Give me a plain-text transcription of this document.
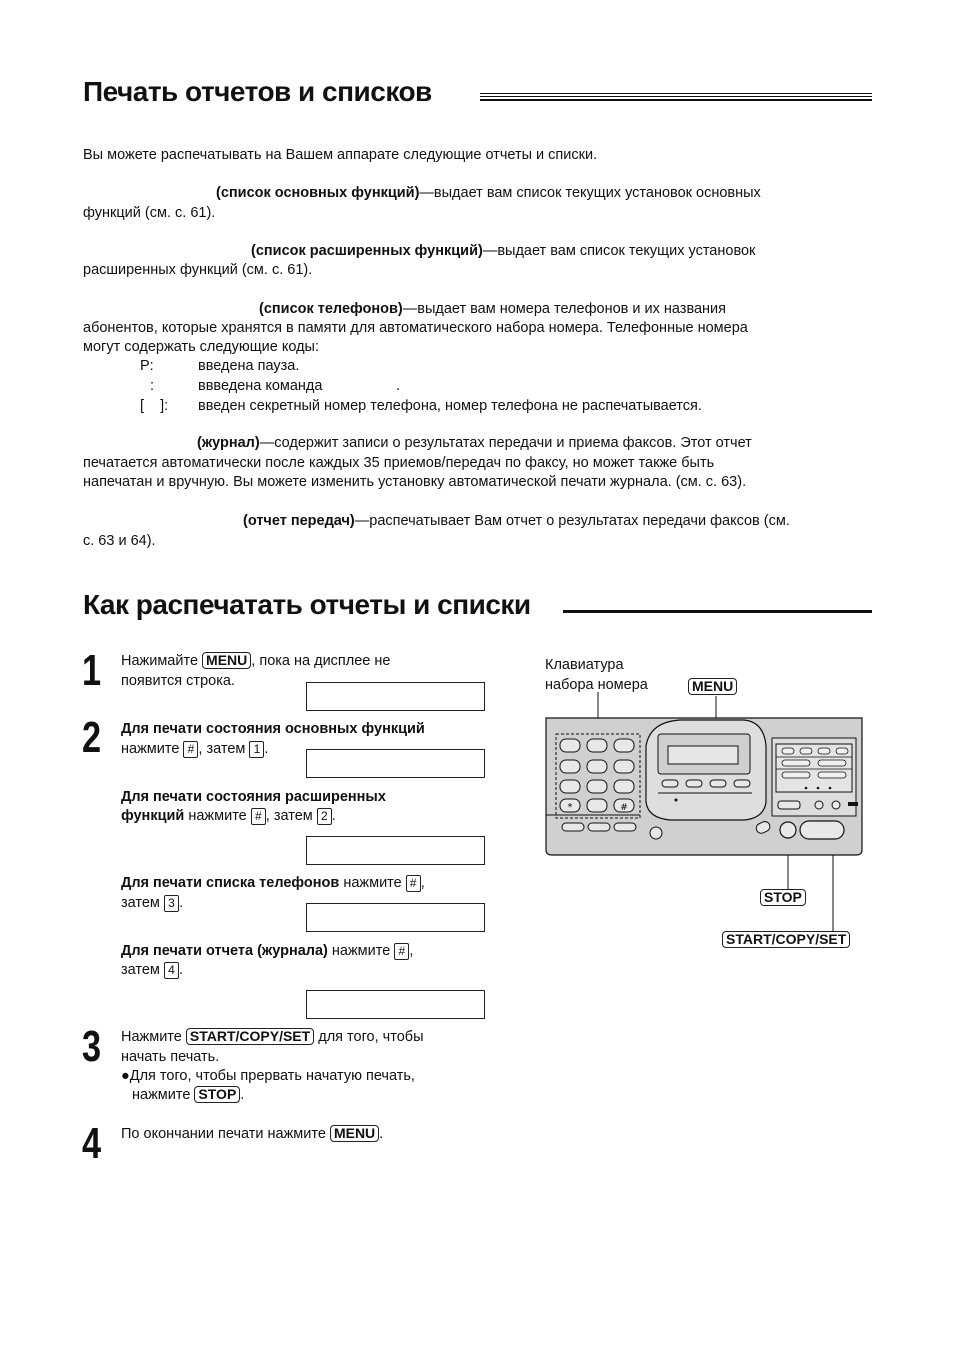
Печать отчетов и списков
Вы можете распечатывать на Вашем аппарате следующие отчеты и списки.
(список основных функций)—выдает вам список текущих установок основных
функций (см. с. 61).
(список расширенных функций)—выдает вам список текущих установок
расширенных функций (см. с. 61).
(список телефонов)—выдает вам номера телефонов и их названия
абонентов, которые хранятся в памяти для автоматического набора номера. Телефонные номера
могут содержать следующие коды:
P:	введена пауза.
:	ввведена команда	.
[    ]: введен секретный номер телефона, номер телефона не распечатывается.
(журнал)—содержит записи о результатах передачи и приема факсов. Этот отчет
печатается автоматически после каждых 35 приемов/передач по факсу, но может также быть
напечатан и вручную. Вы можете изменить установку автоматической печати журнала. (см. с. 63).
(отчет передач)—распечатывает Вам отчет о результатах передачи факсов (см.
с. 63 и 64).
Как распечатать отчеты и списки
1 Нажимайте MENU , пока на дисплее не
появится строка.
2 Для печати состояния основных функций
нажмите # , затем 1 .
Для печати состояния расширенных
функций нажмите # , затем 2 .
Для печати списка телефонов нажмите # ,
затем 3 .
Для печати отчета (журнала) нажмите # ,
затем 4 .
3 Нажмите START/COPY/SET для того, чтобы
начать печать.
●Для того, чтобы прервать начатую печать,
нажмите STOP .
4 По окончании печати нажмите MENU .
Клавиатура
набора номера	MENU
STOP
START/COPY/SET
*	#
